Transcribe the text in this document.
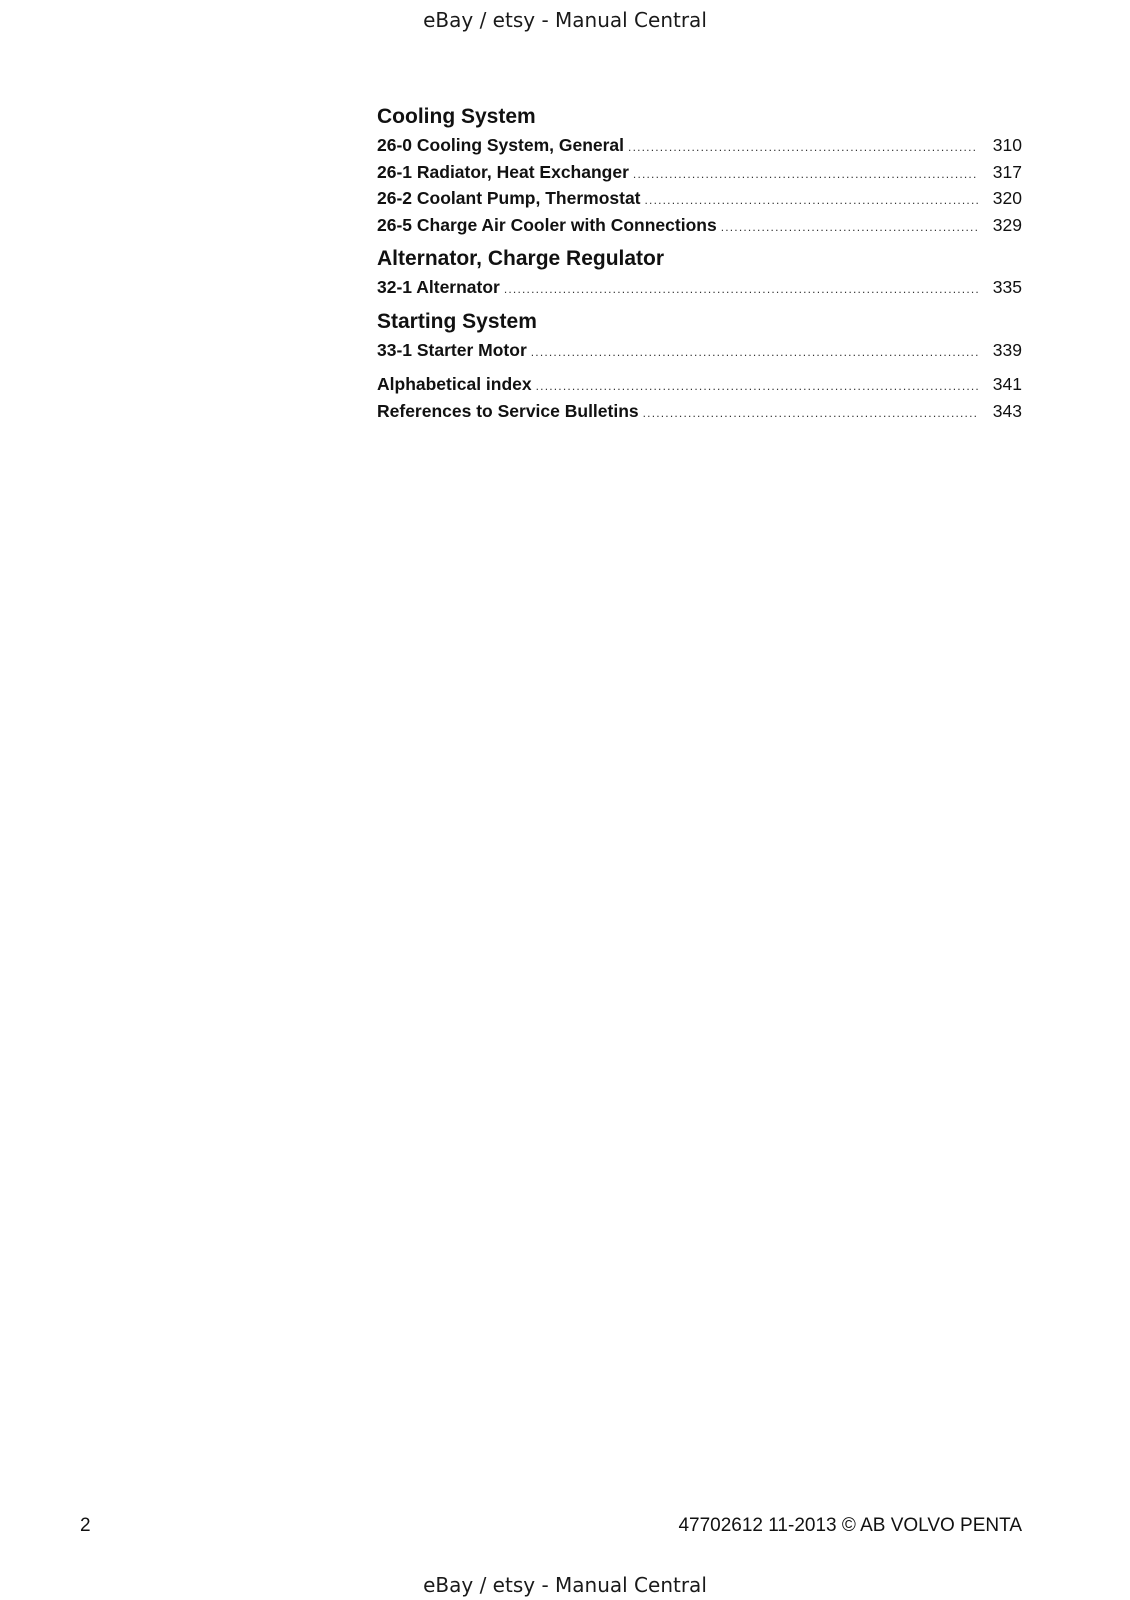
eBay / etsy - Manual Central
Cooling System
26-0 Cooling System, General .....	310
26-1 Radiator, Heat Exchanger .....	317
26-2 Coolant Pump, Thermostat .....	320
26-5 Charge Air Cooler with Connections .....	329
Alternator, Charge Regulator
32-1 Alternator .....	335
Starting System
33-1 Starter Motor .....	339
Alphabetical index .....	341
References to Service Bulletins .....	343
2	47702612 11-2013 © AB VOLVO PENTA
eBay / etsy - Manual Central
